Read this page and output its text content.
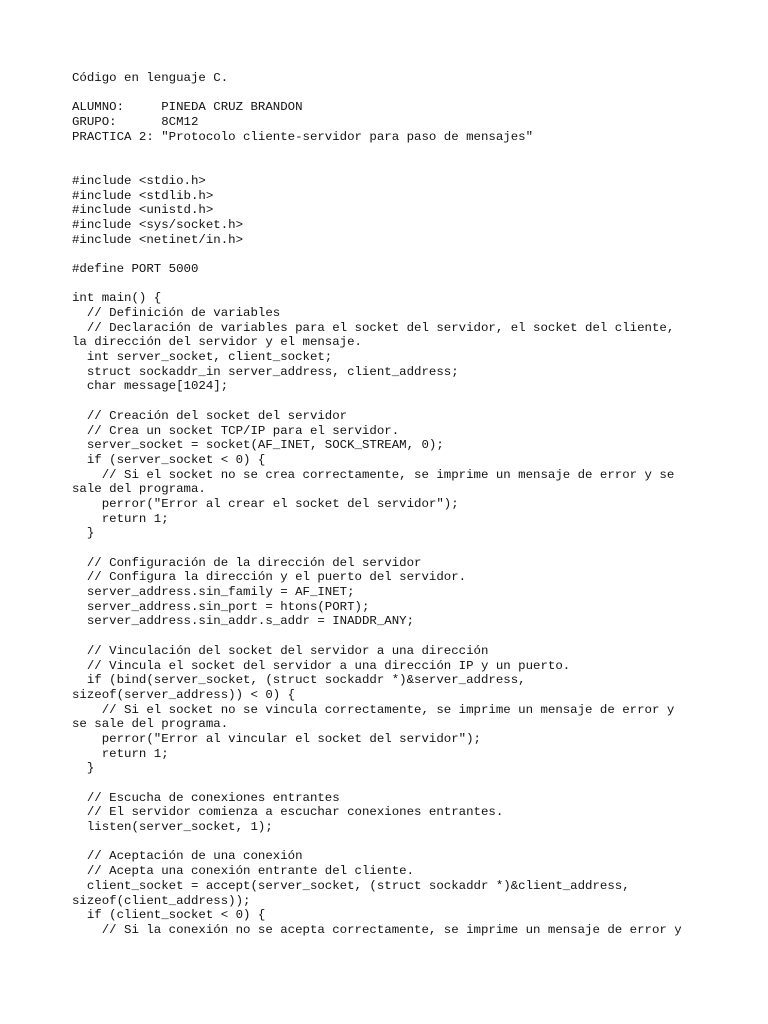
Código en lenguaje C.
ALUMNO:     PINEDA CRUZ BRANDON
GRUPO:      8CM12
PRACTICA 2: "Protocolo cliente-servidor para paso de mensajes"
#include <stdio.h>
#include <stdlib.h>
#include <unistd.h>
#include <sys/socket.h>
#include <netinet/in.h>
#define PORT 5000
int main() {
// Definición de variables
// Declaración de variables para el socket del servidor, el socket del cliente,
la dirección del servidor y el mensaje.
int server_socket, client_socket;
struct sockaddr_in server_address, client_address;
char message[1024];
// Creación del socket del servidor
// Crea un socket TCP/IP para el servidor.
server_socket = socket(AF_INET, SOCK_STREAM, 0);
if (server_socket < 0) {
// Si el socket no se crea correctamente, se imprime un mensaje de error y se
sale del programa.
perror("Error al crear el socket del servidor");
return 1;
}
// Configuración de la dirección del servidor
// Configura la dirección y el puerto del servidor.
server_address.sin_family = AF_INET;
server_address.sin_port = htons(PORT);
server_address.sin_addr.s_addr = INADDR_ANY;
// Vinculación del socket del servidor a una dirección
// Vincula el socket del servidor a una dirección IP y un puerto.
if (bind(server_socket, (struct sockaddr *)&server_address,
sizeof(server_address)) < 0) {
// Si el socket no se vincula correctamente, se imprime un mensaje de error y
se sale del programa.
perror("Error al vincular el socket del servidor");
return 1;
}
// Escucha de conexiones entrantes
// El servidor comienza a escuchar conexiones entrantes.
listen(server_socket, 1);
// Aceptación de una conexión
// Acepta una conexión entrante del cliente.
client_socket = accept(server_socket, (struct sockaddr *)&client_address,
sizeof(client_address));
if (client_socket < 0) {
// Si la conexión no se acepta correctamente, se imprime un mensaje de error y
